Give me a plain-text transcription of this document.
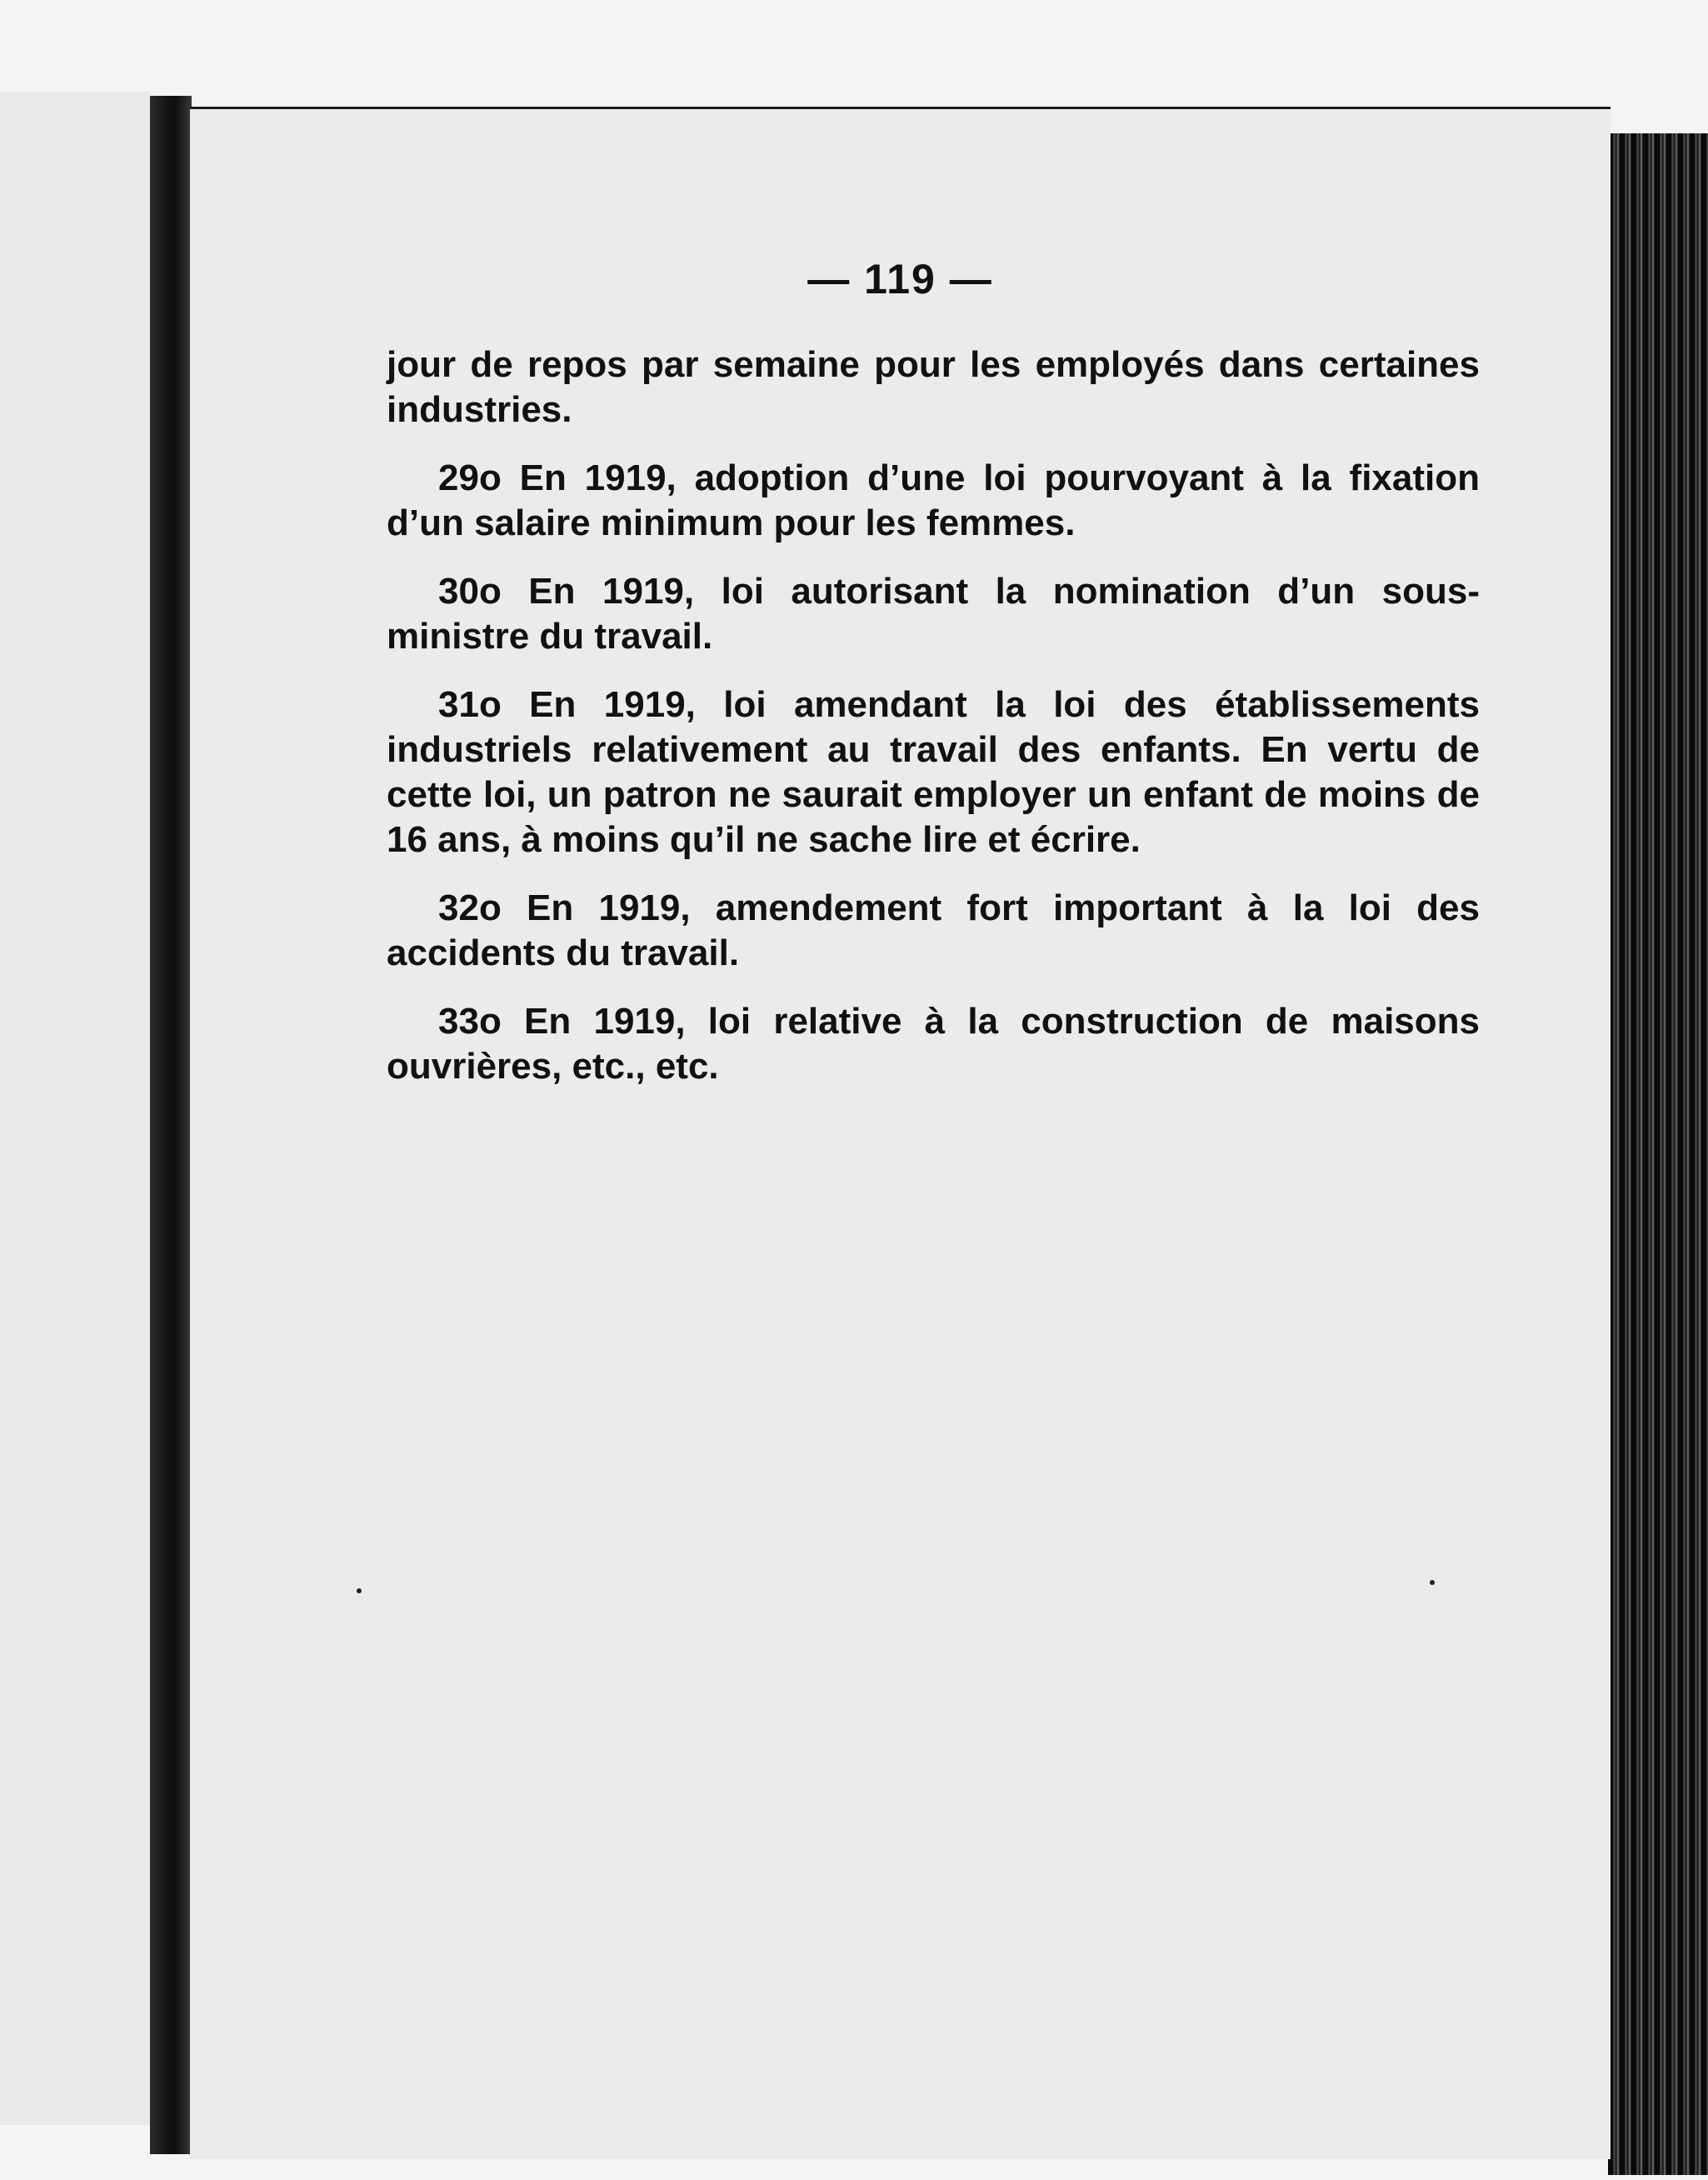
— 119 —

jour de repos par semaine pour les employés dans certaines industries.

29o En 1919, adoption d’une loi pourvoyant à la fixation d’un salaire minimum pour les femmes.

30o En 1919, loi autorisant la nomination d’un sous-ministre du travail.

31o En 1919, loi amendant la loi des établissements industriels relativement au travail des enfants. En vertu de cette loi, un patron ne saurait employer un enfant de moins de 16 ans, à moins qu’il ne sache lire et écrire.

32o En 1919, amendement fort important à la loi des accidents du travail.

33o En 1919, loi relative à la construction de maisons ouvrières, etc., etc.
